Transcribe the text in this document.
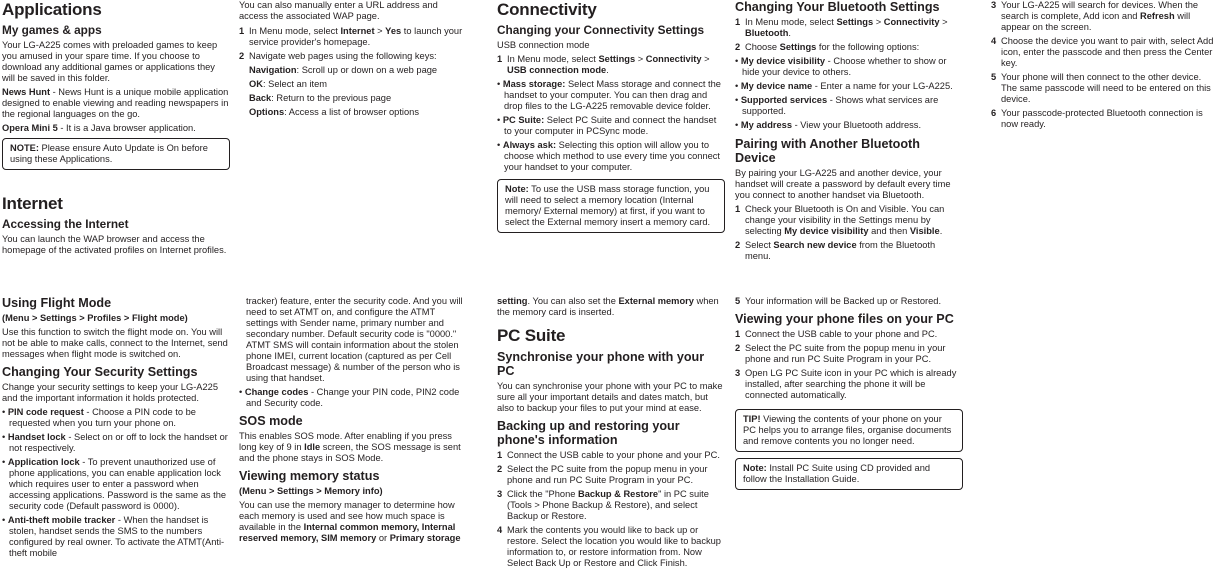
Applications
My games & apps

Your LG-A225 comes with preloaded games to keep you amused in your spare time. If you choose to download any additional games or applications they will be saved in this folder.

News Hunt - News Hunt is a unique mobile application designed to enable viewing and reading newspapers in the regional languages on the go.

Opera Mini 5 - It is a Java browser application.

NOTE: Please ensure Auto Update is On before using these Applications.
Internet
Accessing the Internet

You can launch the WAP browser and access the homepage of the activated profiles on Internet profiles.

You can also manually enter a URL address and access the associated WAP page.

1 In Menu mode, select Internet > Yes to launch your service provider's homepage.
2 Navigate web pages using the following keys:

Navigation: Scroll up or down on a web page

OK: Select an item

Back: Return to the previous page

Options: Access a list of browser options

Connectivity
Changing your Connectivity Settings

USB connection mode

1 In Menu mode, select Settings > Connectivity > USB connection mode.

• Mass storage: Select Mass storage and connect the handset to your computer. You can then drag and drop files to the LG-A225 removable device folder.

• PC Suite: Select PC Suite and connect the handset to your computer in PCSync mode.

• Always ask: Selecting this option will allow you to choose which method to use every time you connect your handset to your computer.

Note: To use the USB mass storage function, you will need to select a memory location (Internal memory/ External memory) at first, if you want to select the External memory insert a memory card.
Changing Your Bluetooth Settings
1 In Menu mode, select Settings > Connectivity > Bluetooth.
2 Choose Settings for the following options:

• My device visibility - Choose whether to show or hide your device to others.

• My device name - Enter a name for your LG-A225.

• Supported services - Shows what services are supported.

• My address - View your Bluetooth address.

Pairing with Another Bluetooth Device

By pairing your LG-A225 and another device, your handset will create a password by default every time you connect to another handset via Bluetooth.

1 Check your Bluetooth is On and Visible. You can change your visibility in the Settings menu by selecting My device visibility and then Visible.
2 Select Search new device from the Bluetooth menu.
3 Your LG-A225 will search for devices. When the search is complete, Add icon and Refresh will appear on the screen.
4 Choose the device you want to pair with, select Add icon, enter the passcode and then press the Center key.
5 Your phone will then connect to the other device. The same passcode will need to be entered on this device.
6 Your passcode-protected Bluetooth connection is now ready.
Using Flight Mode

(Menu > Settings > Profiles > Flight mode)

Use this function to switch the flight mode on. You will not be able to make calls, connect to the Internet, send messages when flight mode is switched on.

Changing Your Security Settings

Change your security settings to keep your LG-A225 and the important information it holds protected.

• PIN code request - Choose a PIN code to be requested when you turn your phone on.

• Handset lock - Select on or off to lock the handset or not respectively.

• Application lock - To prevent unauthorized use of phone applications, you can enable application lock which requires user to enter a password when accessing applications. Password is the same as the security code (Default password is 0000).

• Anti-theft mobile tracker - When the handset is stolen, handset sends the SMS to the numbers configured by real owner. To activate the ATMT(Anti-theft mobile

tracker) feature, enter the security code. And you will need to set ATMT on, and configure the ATMT settings with Sender name, primary number and secondary number. Default security code is "0000." ATMT SMS will contain information about the stolen phone IMEI, current location (captured as per Cell Broadcast message) & number of the person who is using that handset.

• Change codes - Change your PIN code, PIN2 code and Security code.

SOS mode

This enables SOS mode. After enabling if you press long key of 9 in Idle screen, the SOS message is sent and the phone stays in SOS Mode.

Viewing memory status

(Menu > Settings > Memory info)

You can use the memory manager to determine how each memory is used and see how much space is available in the Internal common memory, Internal reserved memory, SIM memory or Primary storage

setting. You can also set the External memory when the memory card is inserted.

PC Suite
Synchronise your phone with your PC

You can synchronise your phone with your PC to make sure all your important details and dates match, but also to backup your files to put your mind at ease.

Backing up and restoring your phone's information
1 Connect the USB cable to your phone and your PC.
2 Select the PC suite from the popup menu in your phone and run PC Suite Program in your PC.
3 Click the "Phone Backup & Restore" in PC suite (Tools > Phone Backup & Restore), and select Backup or Restore.
4 Mark the contents you would like to back up or restore. Select the location you would like to backup information to, or restore information from. Now Select Back Up or Restore and Click Finish.
5 Your information will be Backed up or Restored.
Viewing your phone files on your PC
1 Connect the USB cable to your phone and PC.
2 Select the PC suite from the popup menu in your phone and run PC Suite Program in your PC.
3 Open LG PC Suite icon in your PC which is already installed, after searching the phone it will be connected automatically.
TIP! Viewing the contents of your phone on your PC helps you to arrange files, organise documents and remove contents you no longer need.
Note: Install PC Suite using CD provided and follow the Installation Guide.
